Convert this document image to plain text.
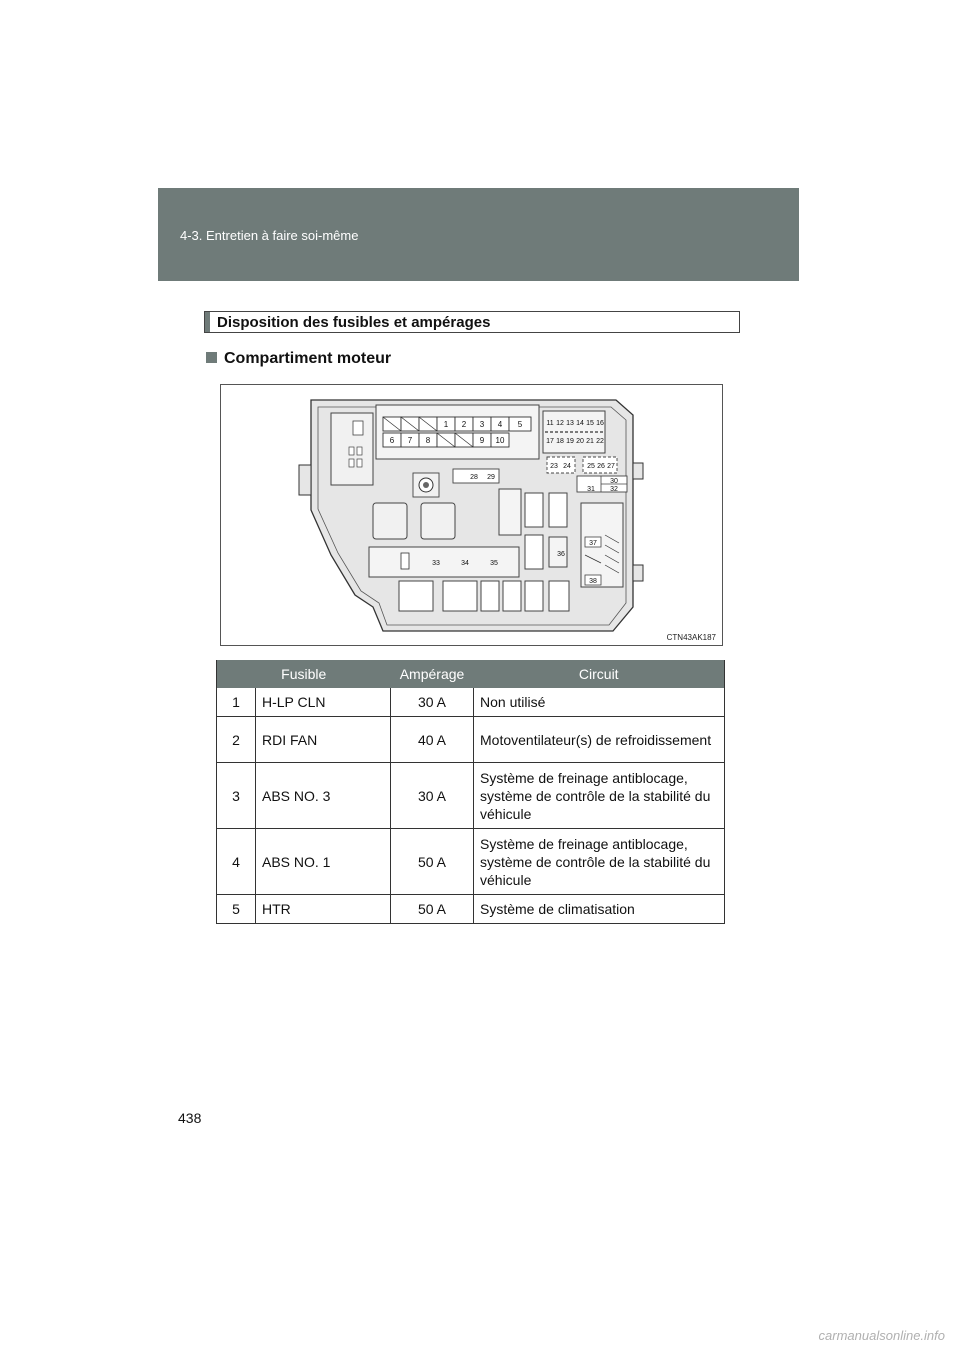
4-3. Entretien à faire soi-même
Disposition des fusibles et ampérages
Compartiment moteur
1 2 3 4 5
6 7 8	9 10
11 12 13 14 15 16
17 18 19 20 21 22
23 24 25 26 27
28 29
30
31 32
33	34	35
36
37
38
CTN43AK187
Fusible		Ampérage	Circuit
1	H-LP CLN	30 A	Non utilisé
2	RDI FAN	40 A	Motoventilateur(s) de refroidissement
3	ABS NO. 3	30 A	Système de freinage antiblocage, système de contrôle de la stabilité du véhicule
4	ABS NO. 1	50 A	Système de freinage antiblocage, système de contrôle de la stabilité du véhicule
5	HTR	50 A	Système de climatisation
438
carmanualsonline.info
